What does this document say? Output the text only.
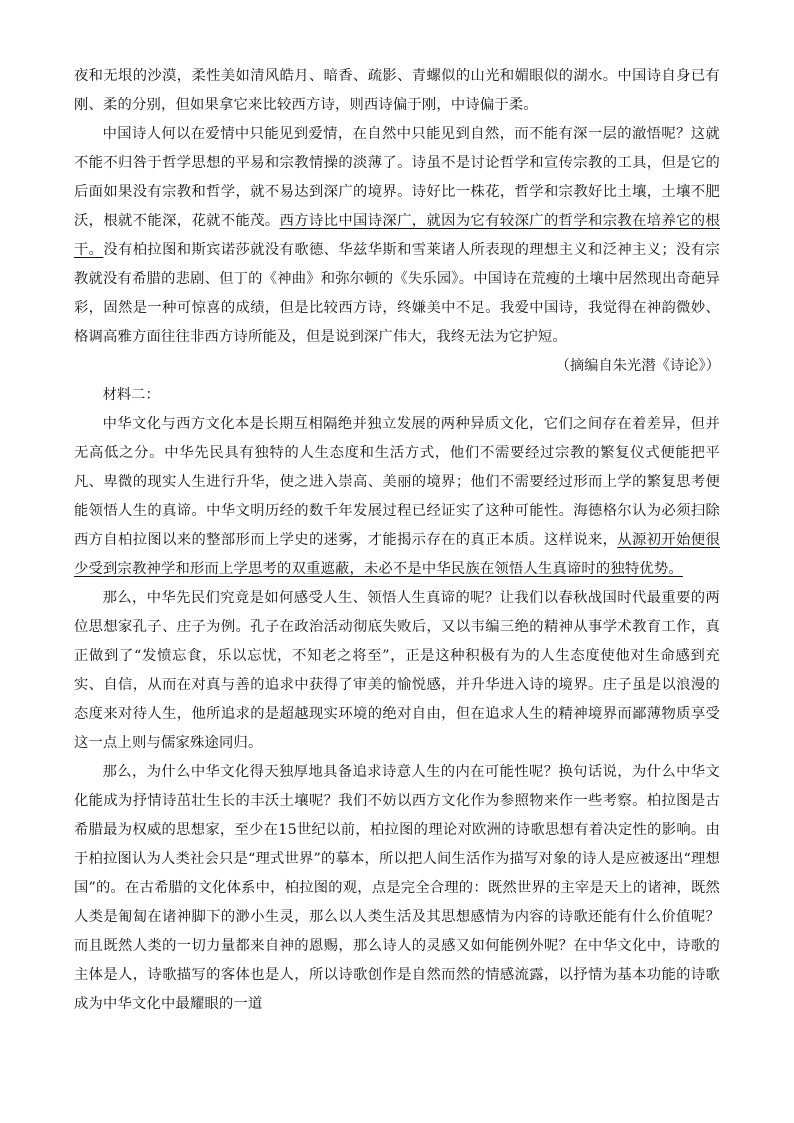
夜和无垠的沙漠，柔性美如清风皓月、暗香、疏影、青螺似的山光和媚眼似的湖水。中国诗自身已有刚、柔的分别，但如果拿它来比较西方诗，则西诗偏于刚，中诗偏于柔。

中国诗人何以在爱情中只能见到爱情，在自然中只能见到自然，而不能有深一层的澈悟呢？这就不能不归咎于哲学思想的平易和宗教情操的淡薄了。诗虽不是讨论哲学和宣传宗教的工具，但是它的后面如果没有宗教和哲学，就不易达到深广的境界。诗好比一株花，哲学和宗教好比土壤，土壤不肥沃，根就不能深，花就不能茂。西方诗比中国诗深广，就因为它有较深广的哲学和宗教在培养它的根干。没有柏拉图和斯宾诺莎就没有歌德、华兹华斯和雪莱诸人所表现的理想主义和泛神主义；没有宗教就没有希腊的悲剧、但丁的《神曲》和弥尔顿的《失乐园》。中国诗在荒瘦的土壤中居然现出奇葩异彩，固然是一种可惊喜的成绩，但是比较西方诗，终嫌美中不足。我爱中国诗，我觉得在神韵微妙、格调高雅方面往往非西方诗所能及，但是说到深广伟大，我终无法为它护短。

（摘编自朱光潜《诗论》）

材料二：

中华文化与西方文化本是长期互相隔绝并独立发展的两种异质文化，它们之间存在着差异，但并无高低之分。中华先民具有独特的人生态度和生活方式，他们不需要经过宗教的繁复仪式便能把平凡、卑微的现实人生进行升华，使之进入崇高、美丽的境界；他们不需要经过形而上学的繁复思考便能领悟人生的真谛。中华文明历经的数千年发展过程已经证实了这种可能性。海德格尔认为必须扫除西方自柏拉图以来的整部形而上学史的迷雾，才能揭示存在的真正本质。这样说来，从源初开始便很少受到宗教神学和形而上学思考的双重遮蔽，未必不是中华民族在领悟人生真谛时的独特优势。

那么，中华先民们究竟是如何感受人生、领悟人生真谛的呢？让我们以春秋战国时代最重要的两位思想家孔子、庄子为例。孔子在政治活动彻底失败后，又以韦编三绝的精神从事学术教育工作，真正做到了“发愤忘食，乐以忘忧，不知老之将至”，正是这种积极有为的人生态度使他对生命感到充实、自信，从而在对真与善的追求中获得了审美的愉悦感，并升华进入诗的境界。庄子虽是以浪漫的态度来对待人生，他所追求的是超越现实环境的绝对自由，但在追求人生的精神境界而鄙薄物质享受这一点上则与儒家殊途同归。

那么，为什么中华文化得天独厚地具备追求诗意人生的内在可能性呢？换句话说，为什么中华文化能成为抒情诗茁壮生长的丰沃土壤呢？我们不妨以西方文化作为参照物来作一些考察。柏拉图是古希腊最为权威的思想家，至少在15世纪以前，柏拉图的理论对欧洲的诗歌思想有着决定性的影响。由于柏拉图认为人类社会只是“理式世界”的摹本，所以把人间生活作为描写对象的诗人是应被逐出“理想国”的。在古希腊的文化体系中，柏拉图的观，点是完全合理的：既然世界的主宰是天上的诸神，既然人类是匍匐在诸神脚下的渺小生灵，那么以人类生活及其思想感情为内容的诗歌还能有什么价值呢？而且既然人类的一切力量都来自神的恩赐，那么诗人的灵感又如何能例外呢？在中华文化中，诗歌的主体是人，诗歌描写的客体也是人，所以诗歌创作是自然而然的情感流露，以抒情为基本功能的诗歌成为中华文化中最耀眼的一道
